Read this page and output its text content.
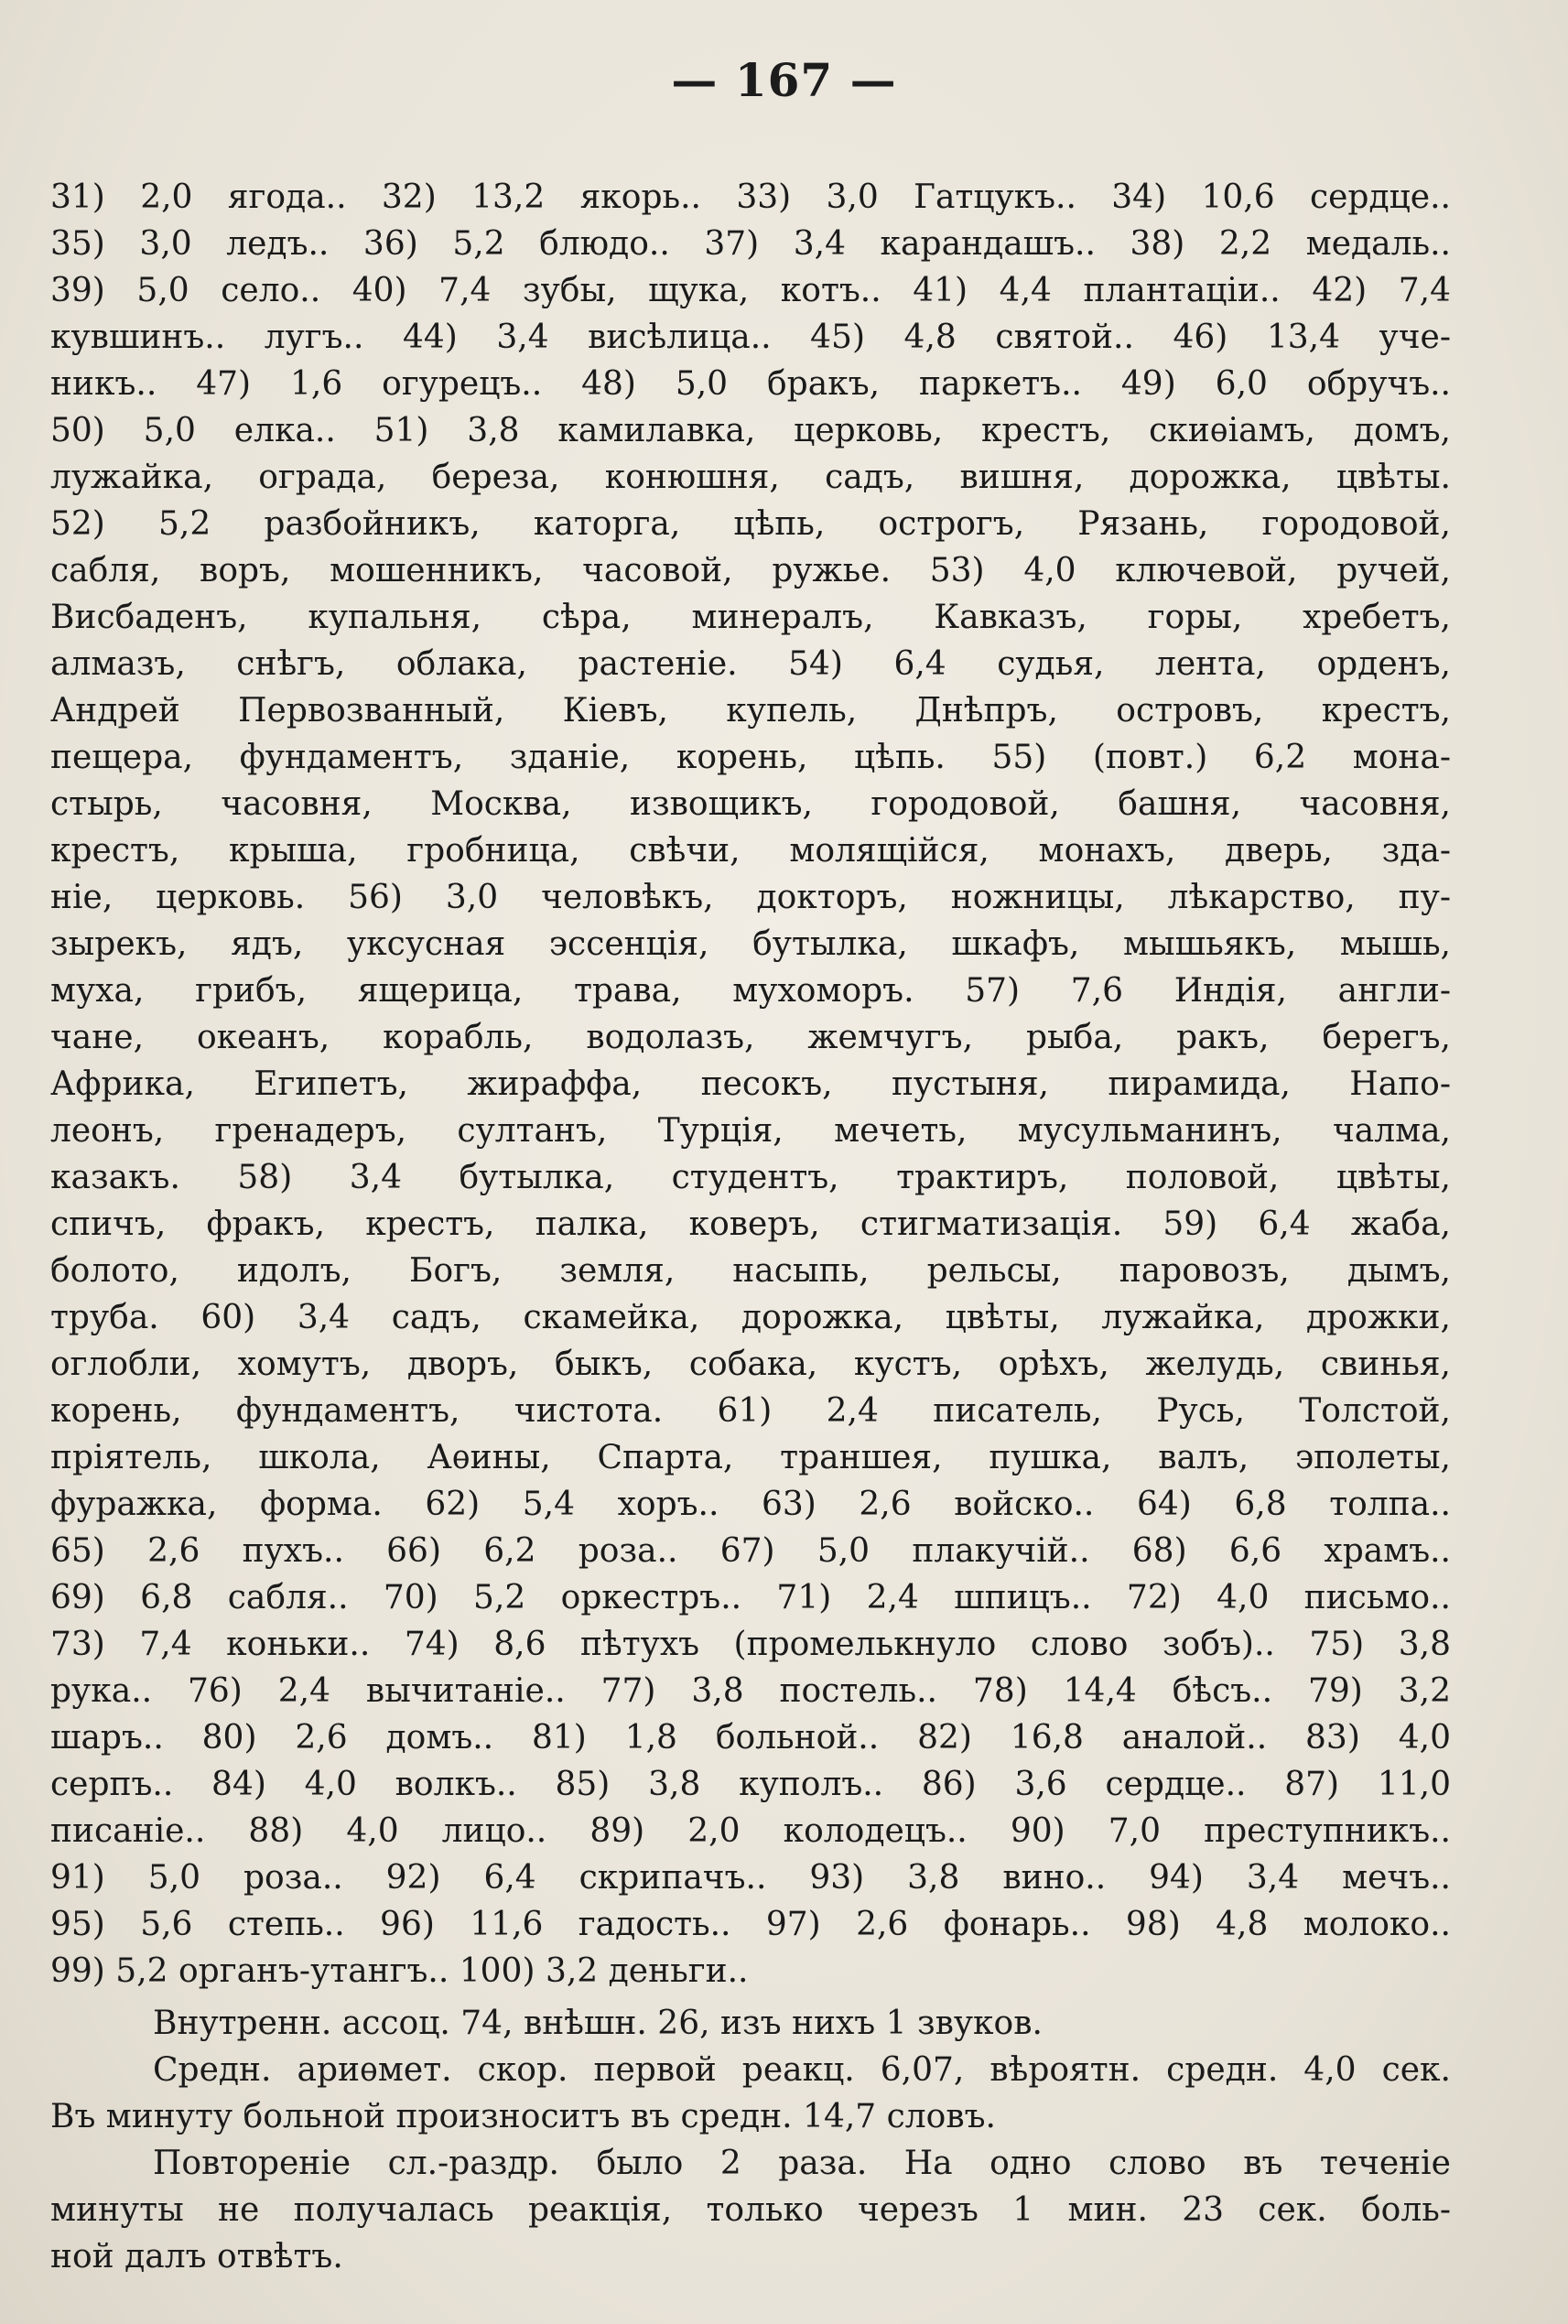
— 167 —
31) 2,0 ягода.. 32) 13,2 якорь.. 33) 3,0 Гатцукъ.. 34) 10,6 сердце..
35) 3,0 ледъ.. 36) 5,2 блюдо.. 37) 3,4 карандашъ.. 38) 2,2 медаль..
39) 5,0 село.. 40) 7,4 зубы, щука, котъ.. 41) 4,4 плантаціи.. 42) 7,4
кувшинъ.. лугъ.. 44) 3,4 висѣлица.. 45) 4,8 святой.. 46) 13,4 уче-
никъ.. 47) 1,6 огурецъ.. 48) 5,0 бракъ, паркетъ.. 49) 6,0 обручъ..
50) 5,0 елка.. 51) 3,8 камилавка, церковь, крестъ, скиѳіамъ, домъ,
лужайка, ограда, береза, конюшня, садъ, вишня, дорожка, цвѣты.
52) 5,2 разбойникъ, каторга, цѣпь, острогъ, Рязань, городовой,
сабля, воръ, мошенникъ, часовой, ружье. 53) 4,0 ключевой, ручей,
Висбаденъ, купальня, сѣра, минералъ, Кавказъ, горы, хребетъ,
алмазъ, снѣгъ, облака, растеніе. 54) 6,4 судья, лента, орденъ,
Андрей Первозванный, Кіевъ, купель, Днѣпръ, островъ, крестъ,
пещера, фундаментъ, зданіе, корень, цѣпь. 55) (повт.) 6,2 мона-
стырь, часовня, Москва, извощикъ, городовой, башня, часовня,
крестъ, крыша, гробница, свѣчи, молящійся, монахъ, дверь, зда-
ніе, церковь. 56) 3,0 человѣкъ, докторъ, ножницы, лѣкарство, пу-
зырекъ, ядъ, уксусная эссенція, бутылка, шкафъ, мышьякъ, мышь,
муха, грибъ, ящерица, трава, мухоморъ. 57) 7,6 Индія, англи-
чане, океанъ, корабль, водолазъ, жемчугъ, рыба, ракъ, берегъ,
Африка, Египетъ, жираффа, песокъ, пустыня, пирамида, Напо-
леонъ, гренадеръ, султанъ, Турція, мечеть, мусульманинъ, чалма,
казакъ. 58) 3,4 бутылка, студентъ, трактиръ, половой, цвѣты,
спичъ, фракъ, крестъ, палка, коверъ, стигматизація. 59) 6,4 жаба,
болото, идолъ, Богъ, земля, насыпь, рельсы, паровозъ, дымъ,
труба. 60) 3,4 садъ, скамейка, дорожка, цвѣты, лужайка, дрожки,
оглобли, хомутъ, дворъ, быкъ, собака, кустъ, орѣхъ, желудь, свинья,
корень, фундаментъ, чистота. 61) 2,4 писатель, Русь, Толстой,
пріятель, школа, Аѳины, Спарта, траншея, пушка, валъ, эполеты,
фуражка, форма. 62) 5,4 хоръ.. 63) 2,6 войско.. 64) 6,8 толпа..
65) 2,6 пухъ.. 66) 6,2 роза.. 67) 5,0 плакучій.. 68) 6,6 храмъ..
69) 6,8 сабля.. 70) 5,2 оркестръ.. 71) 2,4 шпицъ.. 72) 4,0 письмо..
73) 7,4 коньки.. 74) 8,6 пѣтухъ (промелькнуло слово зобъ).. 75) 3,8
рука.. 76) 2,4 вычитаніе.. 77) 3,8 постель.. 78) 14,4 бѣсъ.. 79) 3,2
шаръ.. 80) 2,6 домъ.. 81) 1,8 больной.. 82) 16,8 аналой.. 83) 4,0
серпъ.. 84) 4,0 волкъ.. 85) 3,8 куполъ.. 86) 3,6 сердце.. 87) 11,0
писаніе.. 88) 4,0 лицо.. 89) 2,0 колодецъ.. 90) 7,0 преступникъ..
91) 5,0 роза.. 92) 6,4 скрипачъ.. 93) 3,8 вино.. 94) 3,4 мечъ..
95) 5,6 степь.. 96) 11,6 гадость.. 97) 2,6 фонарь.. 98) 4,8 молоко..
99) 5,2 органъ-утангъ.. 100) 3,2 деньги..
Внутренн. ассоц. 74, внѣшн. 26, изъ нихъ 1 звуков.
Средн. ариѳмет. скор. первой реакц. 6,07, вѣроятн. средн. 4,0 сек.
Въ минуту больной произноситъ въ средн. 14,7 словъ.
Повтореніе сл.-раздр. было 2 раза. На одно слово въ теченіе
минуты не получалась реакція, только черезъ 1 мин. 23 сек. боль-
ной далъ отвѣтъ.
